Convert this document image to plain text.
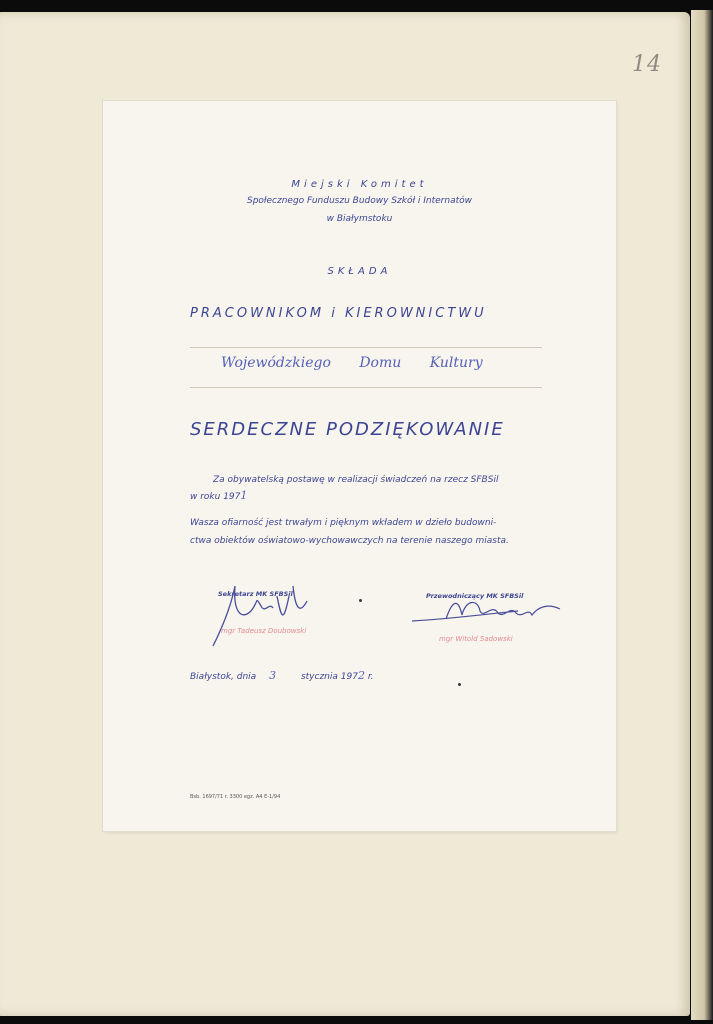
14
Miejski Komitet
Społecznego Funduszu Budowy Szkół i Internatów
w Białymstoku
SKŁADA
PRACOWNIKOM i KIEROWNICTWU
Wojewódzkiego Domu Kultury
SERDECZNE PODZIĘKOWANIE
Za obywatelską postawę w realizacji świadczeń na rzecz SFBSil
w roku 1971
Wasza ofiarność jest trwałym i pięknym wkładem w dzieło budowni-
ctwa obiektów oświatowo-wychowawczych na terenie naszego miasta.
Sekretarz MK SFBSil
mgr Tadeusz Doubowski
Przewodniczący MK SFBSil
mgr Witold Sadowski
Białystok, dnia 3	stycznia 1972 r.
Bsb. 1697/71 r. 3300 egz. A4 E-1/94
